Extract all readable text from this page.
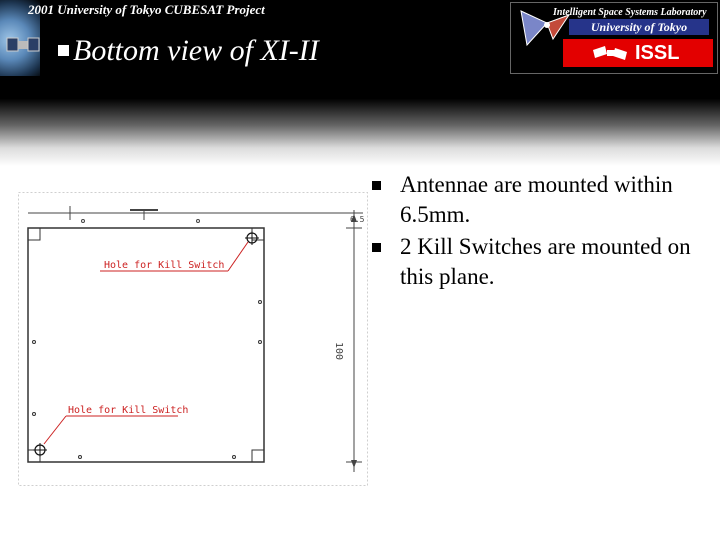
2001 University of Tokyo CUBESAT Project
Bottom view of XI-II
Intelligent Space Systems Laboratory
University of Tokyo
ISSL
6.5
100
Hole for Kill Switch
Hole for Kill Switch
Antennae are mounted within 6.5mm.
2 Kill Switches are mounted on this plane.
